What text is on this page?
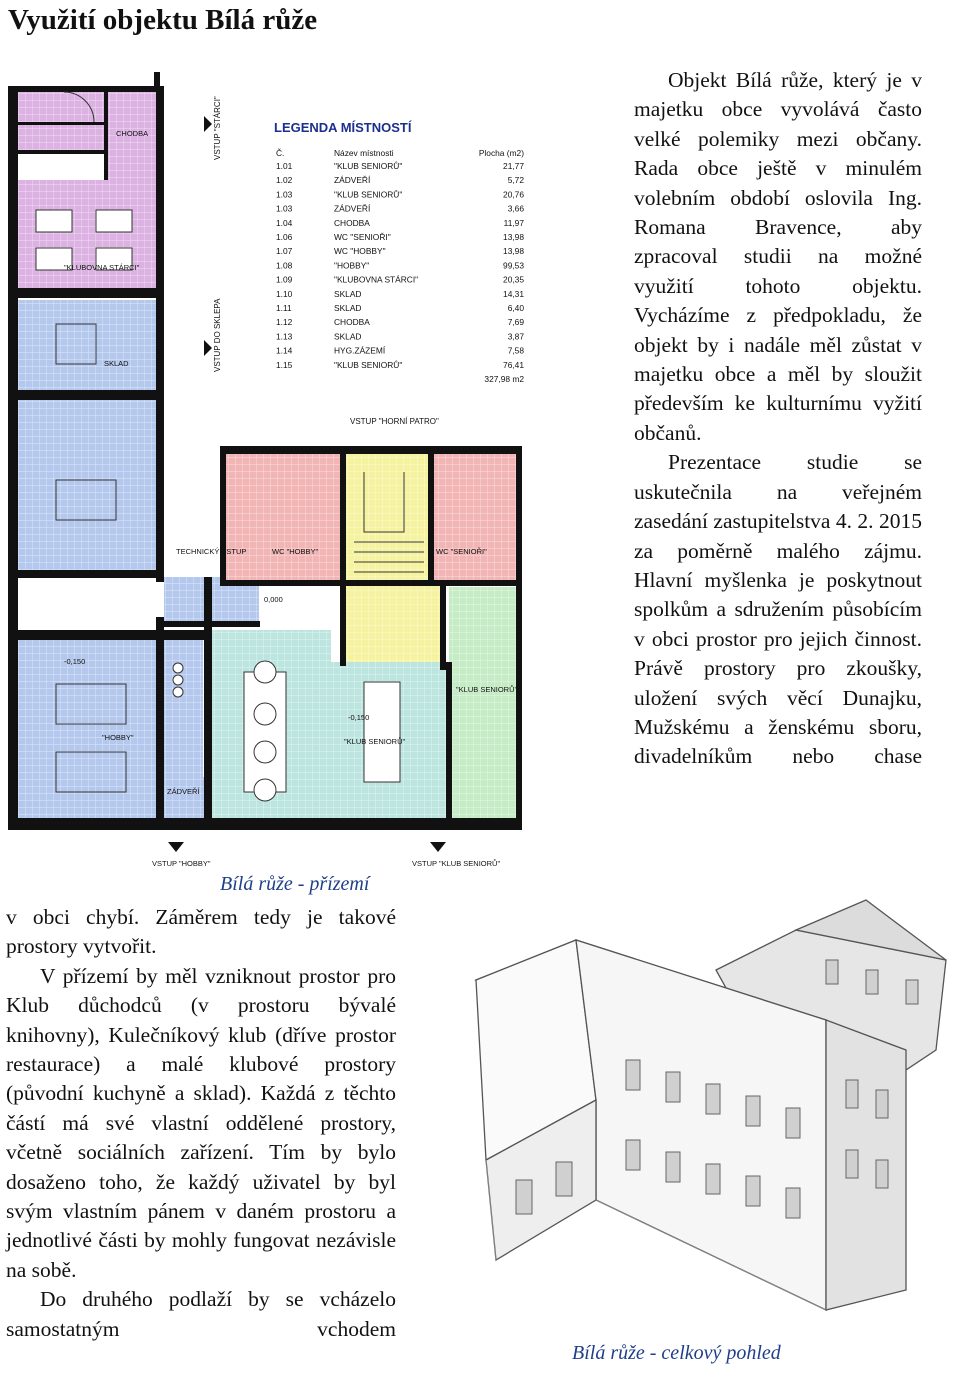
Využití objektu Bílá růže
LEGENDA MÍSTNOSTÍ
Č.	Název místnosti	Plocha (m2)
1.01	"KLUB SENIORŮ"	21,77
1.02	ZÁDVEŘÍ	5,72
1.03	"KLUB SENIORŮ"	20,76
1.03	ZÁDVEŘÍ	3,66
1.04	CHODBA	11,97
1.06	WC "SENIOŘI"	13,98
1.07	WC "HOBBY"	13,98
1.08	"HOBBY"	99,53
1.09	"KLUBOVNA STÁRCI"	20,35
1.10	SKLAD	14,31
1.11	SKLAD	6,40
1.12	CHODBA	7,69
1.13	SKLAD	3,87
1.14	HYG.ZÁZEMÍ	7,58
1.15	"KLUB SENIORŮ"	76,41
327,98 m2
TECHNICKÝ VSTUP
VSTUP "HORNÍ PATRO"
VSTUP "HOBBY"	VSTUP "KLUB SENIORŮ"
CHODBA
SKLAD
"HOBBY"	"KLUB SENIORŮ"
"KLUB SENIORŮ"
WC "HOBBY"	WC "SENIOŘI"
"KLUBOVNA STÁRCI"
ZÁDVEŘÍ
0,000
-0,150
-0,150
VSTUP "STÁRCI"
VSTUP DO SKLEPA
Bílá růže - přízemí

Objekt Bílá růže, který je v majetku obce vyvolává často velké polemiky mezi občany. Rada obce ještě v minulém volebním období oslovila Ing. Romana Bravence, aby zpracoval studii na možné využití tohoto objektu. Vycházíme z předpokladu, že objekt by i nadále měl zůstat v majetku obce a měl by sloužit především ke kulturnímu vyžití občanů.

Prezentace studie se uskutečnila na veřejném zasedání zastupitelstva 4. 2. 2015 za poměrně malého zájmu. Hlavní myšlenka je poskytnout spolkům a sdružením působícím v obci prostor pro jejich činnost. Právě prostory pro zkoušky, uložení svých věcí Dunajku, Mužskému a ženskému sboru, divadelníkům nebo chase

v obci chybí. Záměrem tedy je takové prostory vytvořit.

V přízemí by měl vzniknout prostor pro Klub důchodců (v prostoru bývalé knihovny), Kulečníkový klub (dříve prostor restaurace) a malé klubové prostory (původní kuchyně a sklad). Každá z těchto částí má své vlastní oddělené prostory, včetně sociálních zařízení. Tím by bylo dosaženo toho, že každý uživatel by byl svým vlastním pánem v daném prostoru a jednotlivé části by mohly fungovat nezávisle na sobě.

Do druhého podlaží by se vcházelo samostatným vchodem

Bílá růže - celkový pohled
